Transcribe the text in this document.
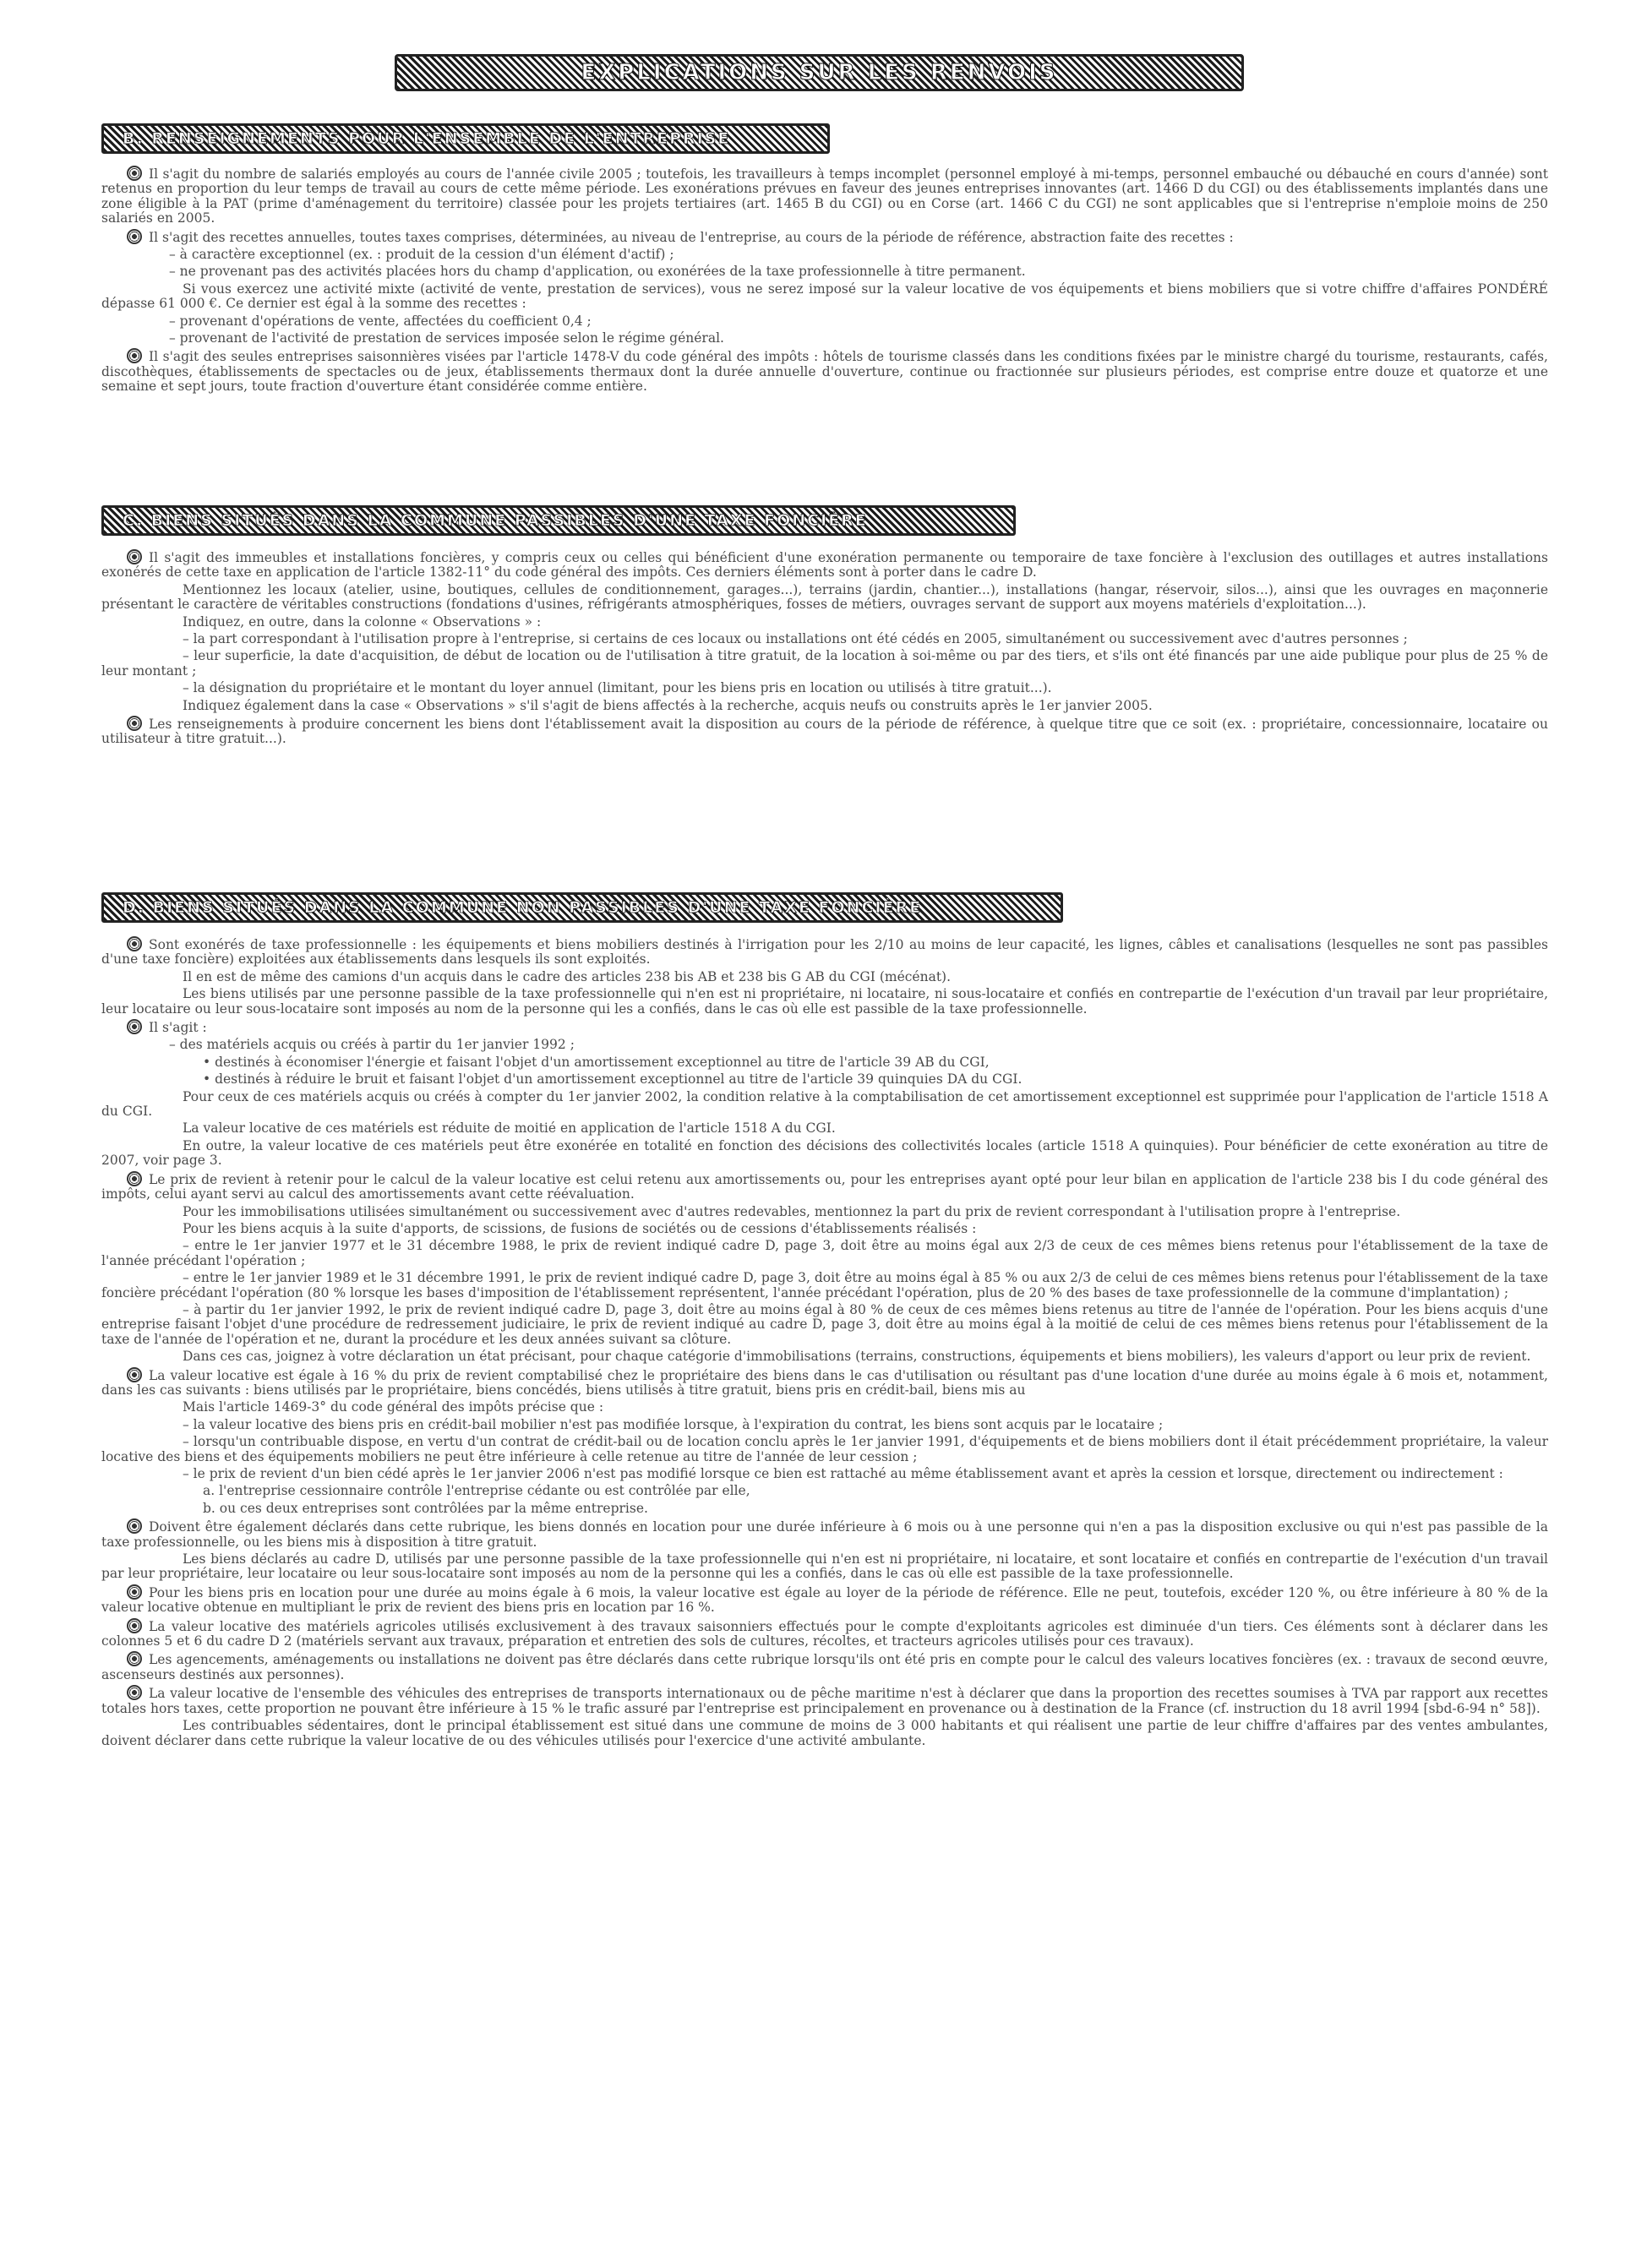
EXPLICATIONS SUR LES RENVOIS
B. RENSEIGNEMENTS POUR L'ENSEMBLE DE L'ENTREPRISE

Il s'agit du nombre de salariés employés au cours de l'année civile 2005 ; toutefois, les travailleurs à temps incomplet (personnel employé à mi-temps, personnel embauché ou débauché en cours d'année) sont retenus en proportion du leur temps de travail au cours de cette même période. Les exonérations prévues en faveur des jeunes entreprises innovantes (art. 1466 D du CGI) ou des établissements implantés dans une zone éligible à la PAT (prime d'aménagement du territoire) classée pour les projets tertiaires (art. 1465 B du CGI) ou en Corse (art. 1466 C du CGI) ne sont applicables que si l'entreprise n'emploie moins de 250 salariés en 2005.

Il s'agit des recettes annuelles, toutes taxes comprises, déterminées, au niveau de l'entreprise, au cours de la période de référence, abstraction faite des recettes :

– à caractère exceptionnel (ex. : produit de la cession d'un élément d'actif) ;

– ne provenant pas des activités placées hors du champ d'application, ou exonérées de la taxe professionnelle à titre permanent.

Si vous exercez une activité mixte (activité de vente, prestation de services), vous ne serez imposé sur la valeur locative de vos équipements et biens mobiliers que si votre chiffre d'affaires PONDÉRÉ dépasse 61 000 €. Ce dernier est égal à la somme des recettes :

– provenant d'opérations de vente, affectées du coefficient 0,4 ;

– provenant de l'activité de prestation de services imposée selon le régime général.

Il s'agit des seules entreprises saisonnières visées par l'article 1478-V du code général des impôts : hôtels de tourisme classés dans les conditions fixées par le ministre chargé du tourisme, restaurants, cafés, discothèques, établissements de spectacles ou de jeux, établissements thermaux dont la durée annuelle d'ouverture, continue ou fractionnée sur plusieurs périodes, est comprise entre douze et quatorze et une semaine et sept jours, toute fraction d'ouverture étant considérée comme entière.

C. BIENS SITUÉS DANS LA COMMUNE PASSIBLES D'UNE TAXE FONCIÈRE

Il s'agit des immeubles et installations foncières, y compris ceux ou celles qui bénéficient d'une exonération permanente ou temporaire de taxe foncière à l'exclusion des outillages et autres installations exonérés de cette taxe en application de l'article 1382-11° du code général des impôts. Ces derniers éléments sont à porter dans le cadre D.

Mentionnez les locaux (atelier, usine, boutiques, cellules de conditionnement, garages...), terrains (jardin, chantier...), installations (hangar, réservoir, silos...), ainsi que les ouvrages en maçonnerie présentant le caractère de véritables constructions (fondations d'usines, réfrigérants atmosphériques, fosses de métiers, ouvrages servant de support aux moyens matériels d'exploitation...).

Indiquez, en outre, dans la colonne « Observations » :

– la part correspondant à l'utilisation propre à l'entreprise, si certains de ces locaux ou installations ont été cédés en 2005, simultanément ou successivement avec d'autres personnes ;

– leur superficie, la date d'acquisition, de début de location ou de l'utilisation à titre gratuit, de la location à soi-même ou par des tiers, et s'ils ont été financés par une aide publique pour plus de 25 % de leur montant ;

– la désignation du propriétaire et le montant du loyer annuel (limitant, pour les biens pris en location ou utilisés à titre gratuit...).

Indiquez également dans la case « Observations » s'il s'agit de biens affectés à la recherche, acquis neufs ou construits après le 1er janvier 2005.

Les renseignements à produire concernent les biens dont l'établissement avait la disposition au cours de la période de référence, à quelque titre que ce soit (ex. : propriétaire, concessionnaire, locataire ou utilisateur à titre gratuit...).

D. BIENS SITUÉS DANS LA COMMUNE NON PASSIBLES D'UNE TAXE FONCIÈRE

Sont exonérés de taxe professionnelle : les équipements et biens mobiliers destinés à l'irrigation pour les 2/10 au moins de leur capacité, les lignes, câbles et canalisations (lesquelles ne sont pas passibles d'une taxe foncière) exploitées aux établissements dans lesquels ils sont exploités.

Il en est de même des camions d'un acquis dans le cadre des articles 238 bis AB et 238 bis G AB du CGI (mécénat).

Les biens utilisés par une personne passible de la taxe professionnelle qui n'en est ni propriétaire, ni locataire, ni sous-locataire et confiés en contrepartie de l'exécution d'un travail par leur propriétaire, leur locataire ou leur sous-locataire sont imposés au nom de la personne qui les a confiés, dans le cas où elle est passible de la taxe professionnelle.

Il s'agit :

– des matériels acquis ou créés à partir du 1er janvier 1992 ;

• destinés à économiser l'énergie et faisant l'objet d'un amortissement exceptionnel au titre de l'article 39 AB du CGI,

• destinés à réduire le bruit et faisant l'objet d'un amortissement exceptionnel au titre de l'article 39 quinquies DA du CGI.

Pour ceux de ces matériels acquis ou créés à compter du 1er janvier 2002, la condition relative à la comptabilisation de cet amortissement exceptionnel est supprimée pour l'application de l'article 1518 A du CGI.

La valeur locative de ces matériels est réduite de moitié en application de l'article 1518 A du CGI.

En outre, la valeur locative de ces matériels peut être exonérée en totalité en fonction des décisions des collectivités locales (article 1518 A quinquies). Pour bénéficier de cette exonération au titre de 2007, voir page 3.

Le prix de revient à retenir pour le calcul de la valeur locative est celui retenu aux amortissements ou, pour les entreprises ayant opté pour leur bilan en application de l'article 238 bis I du code général des impôts, celui ayant servi au calcul des amortissements avant cette réévaluation.

Pour les immobilisations utilisées simultanément ou successivement avec d'autres redevables, mentionnez la part du prix de revient correspondant à l'utilisation propre à l'entreprise.

Pour les biens acquis à la suite d'apports, de scissions, de fusions de sociétés ou de cessions d'établissements réalisés :

– entre le 1er janvier 1977 et le 31 décembre 1988, le prix de revient indiqué cadre D, page 3, doit être au moins égal aux 2/3 de ceux de ces mêmes biens retenus pour l'établissement de la taxe de l'année précédant l'opération ;

– entre le 1er janvier 1989 et le 31 décembre 1991, le prix de revient indiqué cadre D, page 3, doit être au moins égal à 85 % ou aux 2/3 de celui de ces mêmes biens retenus pour l'établissement de la taxe foncière précédant l'opération (80 % lorsque les bases d'imposition de l'établissement représentent, l'année précédant l'opération, plus de 20 % des bases de taxe professionnelle de la commune d'implantation) ;

– à partir du 1er janvier 1992, le prix de revient indiqué cadre D, page 3, doit être au moins égal à 80 % de ceux de ces mêmes biens retenus au titre de l'année de l'opération. Pour les biens acquis d'une entreprise faisant l'objet d'une procédure de redressement judiciaire, le prix de revient indiqué au cadre D, page 3, doit être au moins égal à la moitié de celui de ces mêmes biens retenus pour l'établissement de la taxe de l'année de l'opération et ne, durant la procédure et les deux années suivant sa clôture.

Dans ces cas, joignez à votre déclaration un état précisant, pour chaque catégorie d'immobilisations (terrains, constructions, équipements et biens mobiliers), les valeurs d'apport ou leur prix de revient.

La valeur locative est égale à 16 % du prix de revient comptabilisé chez le propriétaire des biens dans le cas d'utilisation ou résultant pas d'une location d'une durée au moins égale à 6 mois et, notamment, dans les cas suivants : biens utilisés par le propriétaire, biens concédés, biens utilisés à titre gratuit, biens pris en crédit-bail, biens mis au

Mais l'article 1469-3° du code général des impôts précise que :

– la valeur locative des biens pris en crédit-bail mobilier n'est pas modifiée lorsque, à l'expiration du contrat, les biens sont acquis par le locataire ;

– lorsqu'un contribuable dispose, en vertu d'un contrat de crédit-bail ou de location conclu après le 1er janvier 1991, d'équipements et de biens mobiliers dont il était précédemment propriétaire, la valeur locative des biens et des équipements mobiliers ne peut être inférieure à celle retenue au titre de l'année de leur cession ;

– le prix de revient d'un bien cédé après le 1er janvier 2006 n'est pas modifié lorsque ce bien est rattaché au même établissement avant et après la cession et lorsque, directement ou indirectement :

a. l'entreprise cessionnaire contrôle l'entreprise cédante ou est contrôlée par elle,

b. ou ces deux entreprises sont contrôlées par la même entreprise.

Doivent être également déclarés dans cette rubrique, les biens donnés en location pour une durée inférieure à 6 mois ou à une personne qui n'en a pas la disposition exclusive ou qui n'est pas passible de la taxe professionnelle, ou les biens mis à disposition à titre gratuit.

Les biens déclarés au cadre D, utilisés par une personne passible de la taxe professionnelle qui n'en est ni propriétaire, ni locataire, et sont locataire et confiés en contrepartie de l'exécution d'un travail par leur propriétaire, leur locataire ou leur sous-locataire sont imposés au nom de la personne qui les a confiés, dans le cas où elle est passible de la taxe professionnelle.

Pour les biens pris en location pour une durée au moins égale à 6 mois, la valeur locative est égale au loyer de la période de référence. Elle ne peut, toutefois, excéder 120 %, ou être inférieure à 80 % de la valeur locative obtenue en multipliant le prix de revient des biens pris en location par 16 %.

La valeur locative des matériels agricoles utilisés exclusivement à des travaux saisonniers effectués pour le compte d'exploitants agricoles est diminuée d'un tiers. Ces éléments sont à déclarer dans les colonnes 5 et 6 du cadre D 2 (matériels servant aux travaux, préparation et entretien des sols de cultures, récoltes, et tracteurs agricoles utilisés pour ces travaux).

Les agencements, aménagements ou installations ne doivent pas être déclarés dans cette rubrique lorsqu'ils ont été pris en compte pour le calcul des valeurs locatives foncières (ex. : travaux de second œuvre, ascenseurs destinés aux personnes).

La valeur locative de l'ensemble des véhicules des entreprises de transports internationaux ou de pêche maritime n'est à déclarer que dans la proportion des recettes soumises à TVA par rapport aux recettes totales hors taxes, cette proportion ne pouvant être inférieure à 15 % le trafic assuré par l'entreprise est principalement en provenance ou à destination de la France (cf. instruction du 18 avril 1994 [sbd-6-94 n° 58]).

Les contribuables sédentaires, dont le principal établissement est situé dans une commune de moins de 3 000 habitants et qui réalisent une partie de leur chiffre d'affaires par des ventes ambulantes, doivent déclarer dans cette rubrique la valeur locative de ou des véhicules utilisés pour l'exercice d'une activité ambulante.
